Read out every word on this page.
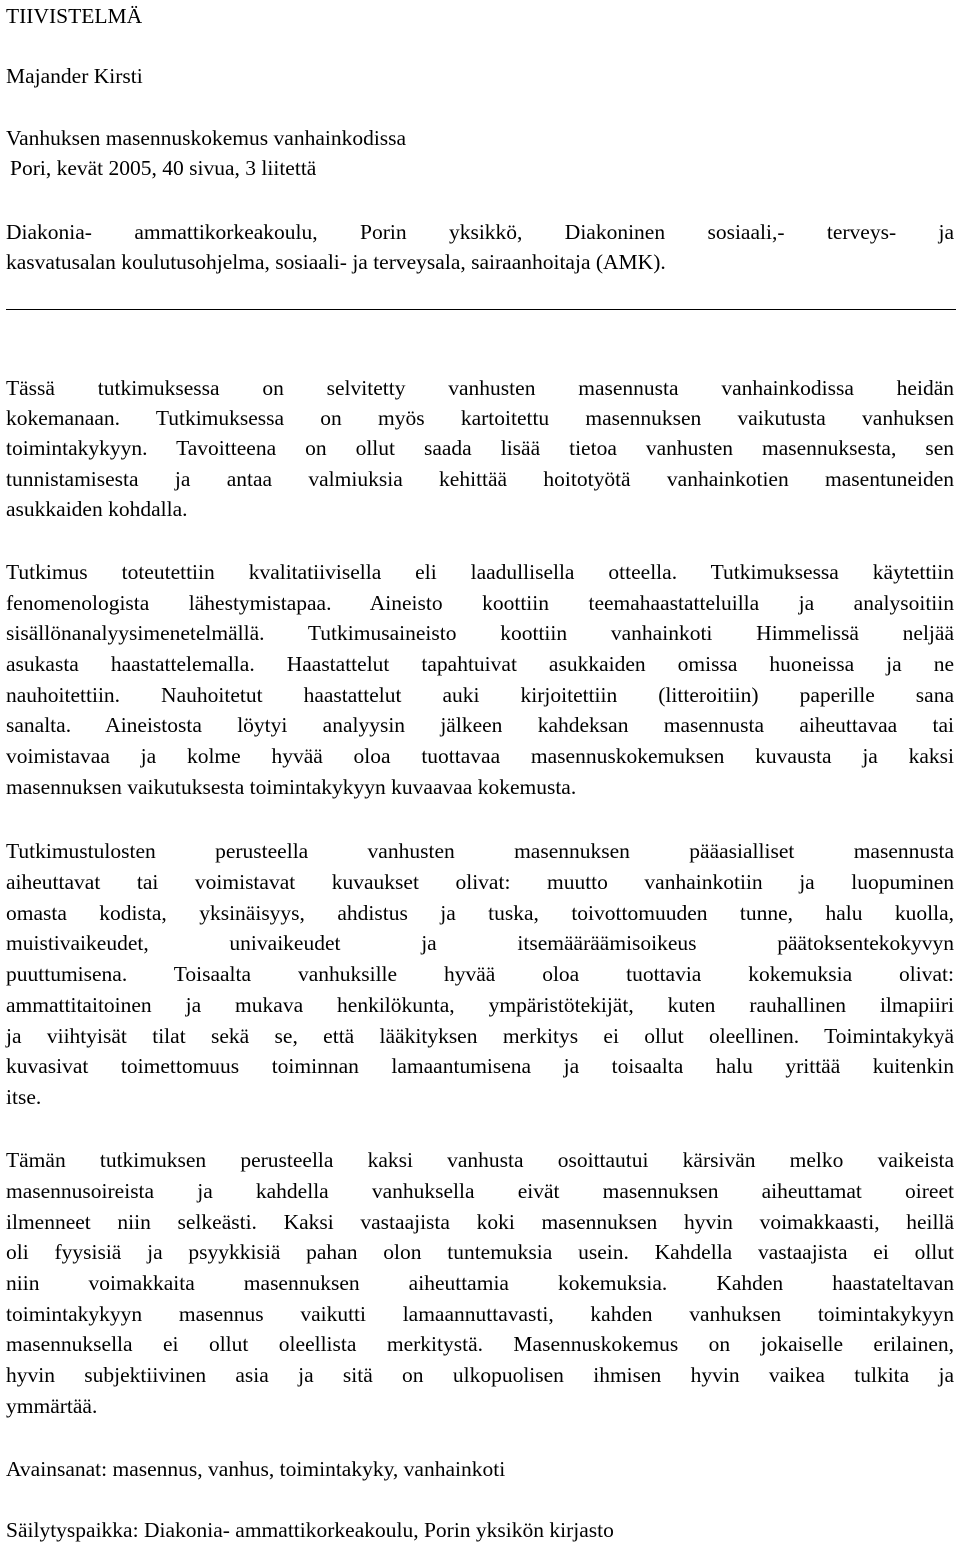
TIIVISTELMÄ
Majander Kirsti
Vanhuksen masennuskokemus vanhainkodissa
Pori, kevät 2005, 40 sivua, 3 liitettä
Diakonia- ammattikorkeakoulu, Porin yksikkö, Diakoninen sosiaali,- terveys- ja
kasvatusalan koulutusohjelma, sosiaali- ja terveysala, sairaanhoitaja (AMK).
Tässä tutkimuksessa on selvitetty vanhusten masennusta vanhainkodissa heidän
kokemanaan. Tutkimuksessa on myös kartoitettu masennuksen vaikutusta vanhuksen
toimintakykyyn. Tavoitteena on ollut saada lisää tietoa vanhusten masennuksesta, sen
tunnistamisesta ja antaa valmiuksia kehittää hoitotyötä vanhainkotien masentuneiden
asukkaiden kohdalla.
Tutkimus toteutettiin kvalitatiivisella eli laadullisella otteella. Tutkimuksessa käytettiin
fenomenologista lähestymistapaa. Aineisto koottiin teemahaastatteluilla ja analysoitiin
sisällönanalyysimenetelmällä. Tutkimusaineisto koottiin vanhainkoti Himmelissä neljää
asukasta haastattelemalla. Haastattelut tapahtuivat asukkaiden omissa huoneissa ja ne
nauhoitettiin. Nauhoitetut haastattelut auki kirjoitettiin (litteroitiin) paperille sana
sanalta. Aineistosta löytyi analyysin jälkeen kahdeksan masennusta aiheuttavaa tai
voimistavaa ja kolme hyvää oloa tuottavaa masennuskokemuksen kuvausta ja kaksi
masennuksen vaikutuksesta toimintakykyyn kuvaavaa kokemusta.
Tutkimustulosten perusteella vanhusten masennuksen pääasialliset masennusta
aiheuttavat tai voimistavat kuvaukset olivat: muutto vanhainkotiin ja luopuminen
omasta kodista, yksinäisyys, ahdistus ja tuska, toivottomuuden tunne, halu kuolla,
muistivaikeudet, univaikeudet ja itsemääräämisoikeus päätoksentekokyvyn
puuttumisena. Toisaalta vanhuksille hyvää oloa tuottavia kokemuksia olivat:
ammattitaitoinen ja mukava henkilökunta, ympäristötekijät, kuten rauhallinen ilmapiiri
ja viihtyisät tilat sekä se, että lääkityksen merkitys ei ollut oleellinen. Toimintakykyä
kuvasivat toimettomuus toiminnan lamaantumisena ja toisaalta halu yrittää kuitenkin
itse.
Tämän tutkimuksen perusteella kaksi vanhusta osoittautui kärsivän melko vaikeista
masennusoireista ja kahdella vanhuksella eivät masennuksen aiheuttamat oireet
ilmenneet niin selkeästi. Kaksi vastaajista koki masennuksen hyvin voimakkaasti, heillä
oli fyysisiä ja psyykkisiä pahan olon tuntemuksia usein. Kahdella vastaajista ei ollut
niin voimakkaita masennuksen aiheuttamia kokemuksia. Kahden haastateltavan
toimintakykyyn masennus vaikutti lamaannuttavasti, kahden vanhuksen toimintakykyyn
masennuksella ei ollut oleellista merkitystä. Masennuskokemus on jokaiselle erilainen,
hyvin subjektiivinen asia ja sitä on ulkopuolisen ihmisen hyvin vaikea tulkita ja
ymmärtää.
Avainsanat: masennus, vanhus, toimintakyky, vanhainkoti
Säilytyspaikka: Diakonia- ammattikorkeakoulu, Porin yksikön kirjasto
